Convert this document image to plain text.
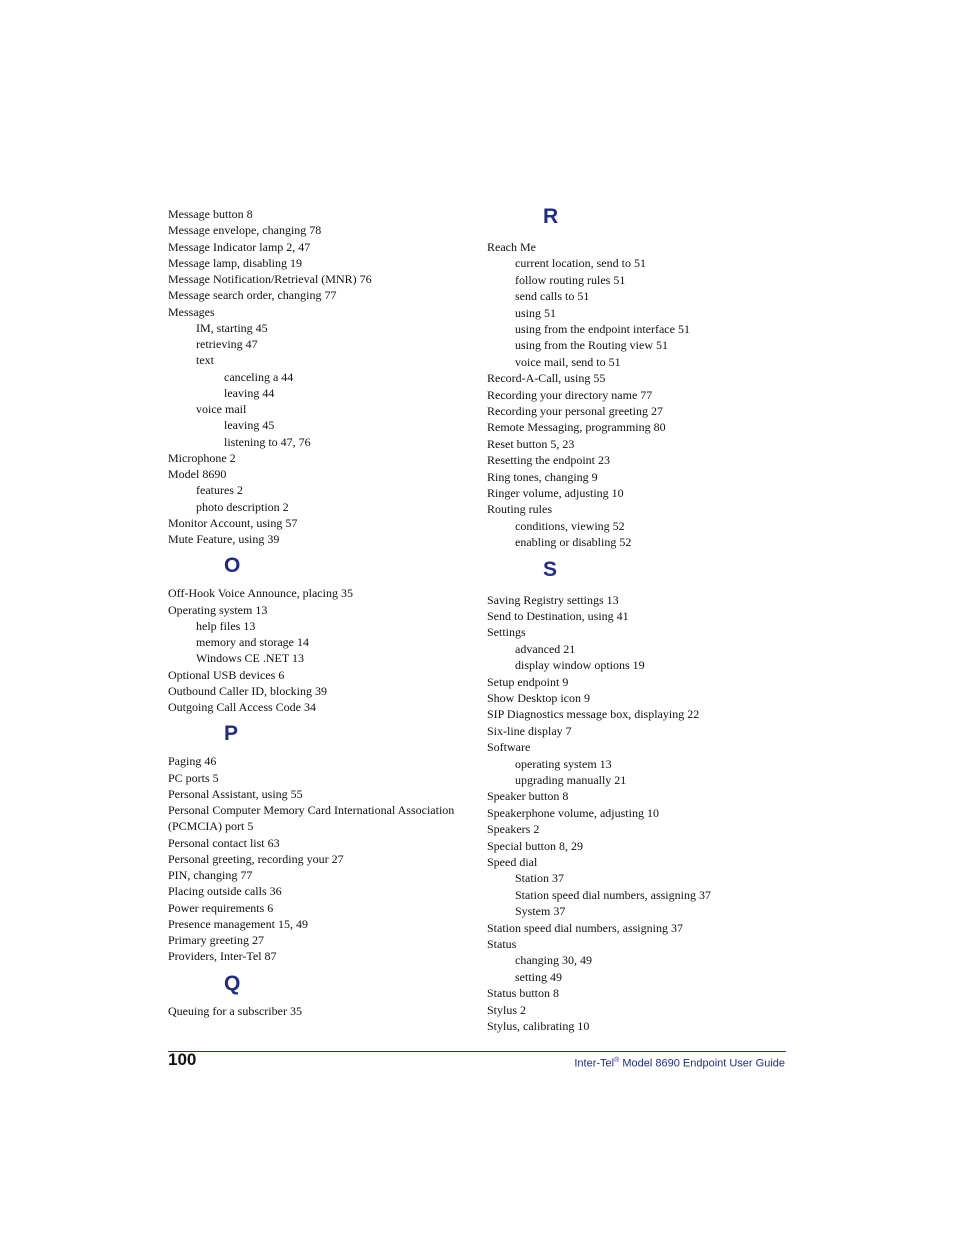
Message button 8
Message envelope, changing 78
Message Indicator lamp 2, 47
Message lamp, disabling 19
Message Notification/Retrieval (MNR) 76
Message search order, changing 77
Messages
IM, starting 45
retrieving 47
text
canceling a 44
leaving 44
voice mail
leaving 45
listening to 47, 76
Microphone 2
Model 8690
features 2
photo description 2
Monitor Account, using 57
Mute Feature, using 39
O
Off-Hook Voice Announce, placing 35
Operating system 13
help files 13
memory and storage 14
Windows CE .NET 13
Optional USB devices 6
Outbound Caller ID, blocking 39
Outgoing Call Access Code 34
P
Paging 46
PC ports 5
Personal Assistant, using 55
Personal Computer Memory Card International Association
(PCMCIA) port 5
Personal contact list 63
Personal greeting, recording your 27
PIN, changing 77
Placing outside calls 36
Power requirements 6
Presence management 15, 49
Primary greeting 27
Providers, Inter-Tel 87
Q
Queuing for a subscriber 35
R
Reach Me
current location, send to 51
follow routing rules 51
send calls to 51
using 51
using from the endpoint interface 51
using from the Routing view 51
voice mail, send to 51
Record-A-Call, using 55
Recording your directory name 77
Recording your personal greeting 27
Remote Messaging, programming 80
Reset button 5, 23
Resetting the endpoint 23
Ring tones, changing 9
Ringer volume, adjusting 10
Routing rules
conditions, viewing 52
enabling or disabling 52
S
Saving Registry settings 13
Send to Destination, using 41
Settings
advanced 21
display window options 19
Setup endpoint 9
Show Desktop icon 9
SIP Diagnostics message box, displaying 22
Six-line display 7
Software
operating system 13
upgrading manually 21
Speaker button 8
Speakerphone volume, adjusting 10
Speakers 2
Special button 8, 29
Speed dial
Station 37
Station speed dial numbers, assigning 37
System 37
Station speed dial numbers, assigning 37
Status
changing 30, 49
setting 49
Status button 8
Stylus 2
Stylus, calibrating 10
100	Inter-Tel® Model 8690 Endpoint User Guide
